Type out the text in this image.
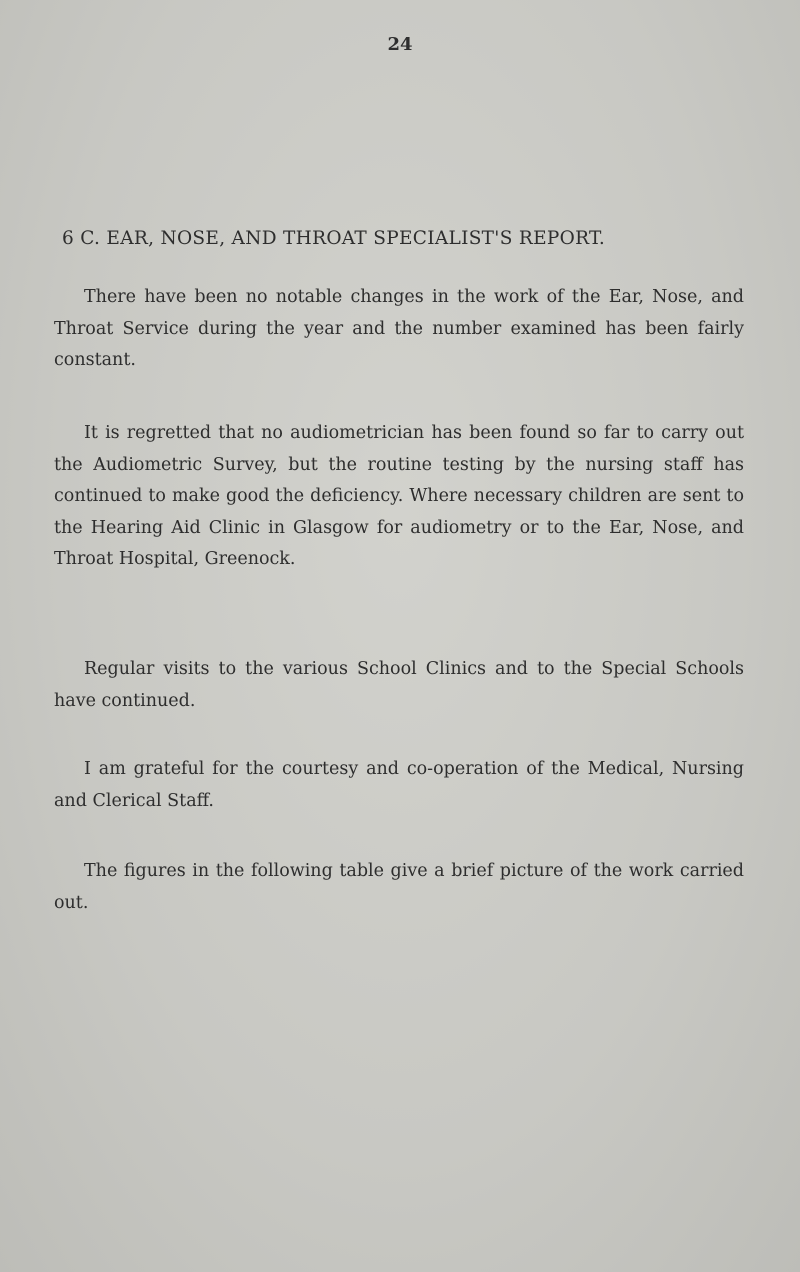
24
6 C. EAR, NOSE, AND THROAT SPECIALIST'S REPORT.

There have been no notable changes in the work of the Ear, Nose, and Throat Service during the year and the number examined has been fairly constant.

It is regretted that no audiometrician has been found so far to carry out the Audiometric Survey, but the routine testing by the nursing staff has continued to make good the deficiency. Where necessary children are sent to the Hearing Aid Clinic in Glasgow for audiometry or to the Ear, Nose, and Throat Hospital, Greenock.

Regular visits to the various School Clinics and to the Special Schools have continued.

I am grateful for the courtesy and co-operation of the Medical, Nursing and Clerical Staff.

The figures in the following table give a brief picture of the work carried out.
